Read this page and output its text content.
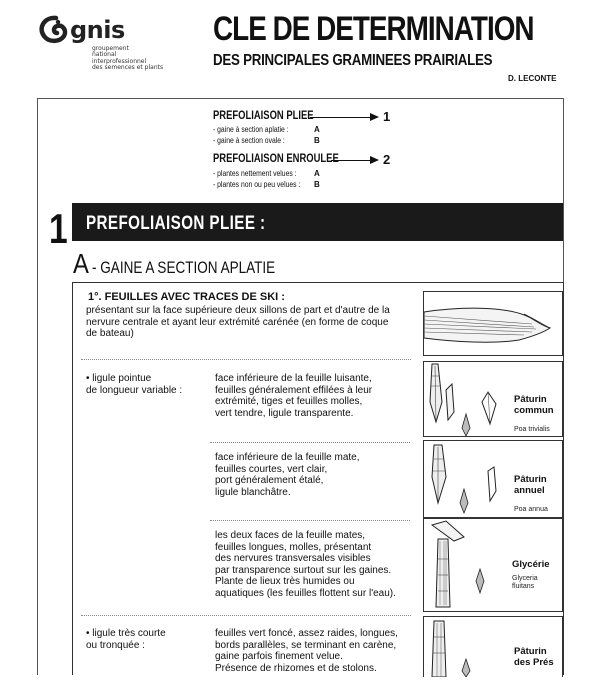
gnis
groupement
national
interprofessionnel
des semences et plants
CLE DE DETERMINATION
DES PRINCIPALES GRAMINEES PRAIRIALES
D. LECONTE
PREFOLIAISON PLIEE	1
- gaine à section aplatie :	A
- gaine à section ovale :	B
PREFOLIAISON ENROULEE	2
- plantes nettement velues : A
- plantes non ou peu velues : B
1 PREFOLIAISON PLIEE :
A - GAINE A SECTION APLATIE
1°. FEUILLES AVEC TRACES DE SKI :
présentant sur la face supérieure deux sillons de part et d'autre de la
nervure centrale et ayant leur extrémité carénée (en forme de coque
de bateau)
• ligule pointue
de longueur variable :
face inférieure de la feuille luisante,
feuilles généralement effilées à leur
extrémité, tiges et feuilles molles,
vert tendre, ligule transparente.
Pâturin
commun
Poa trivialis
face inférieure de la feuille mate,
feuilles courtes, vert clair,
port généralement étalé,
ligule blanchâtre.
Pâturin
annuel
Poa annua
les deux faces de la feuille mates,
feuilles longues, molles, présentant
des nervures transversales visibles
par transparence surtout sur les gaines.
Plante de lieux très humides ou
aquatiques (les feuilles flottent sur l'eau).
Glycérie
Glyceria
fluitans
• ligule très courte
ou tronquée :
feuilles vert foncé, assez raides, longues,
bords parallèles, se terminant en carène,
gaine parfois finement velue.
Présence de rhizomes et de stolons.
Pâturin
des Prés
